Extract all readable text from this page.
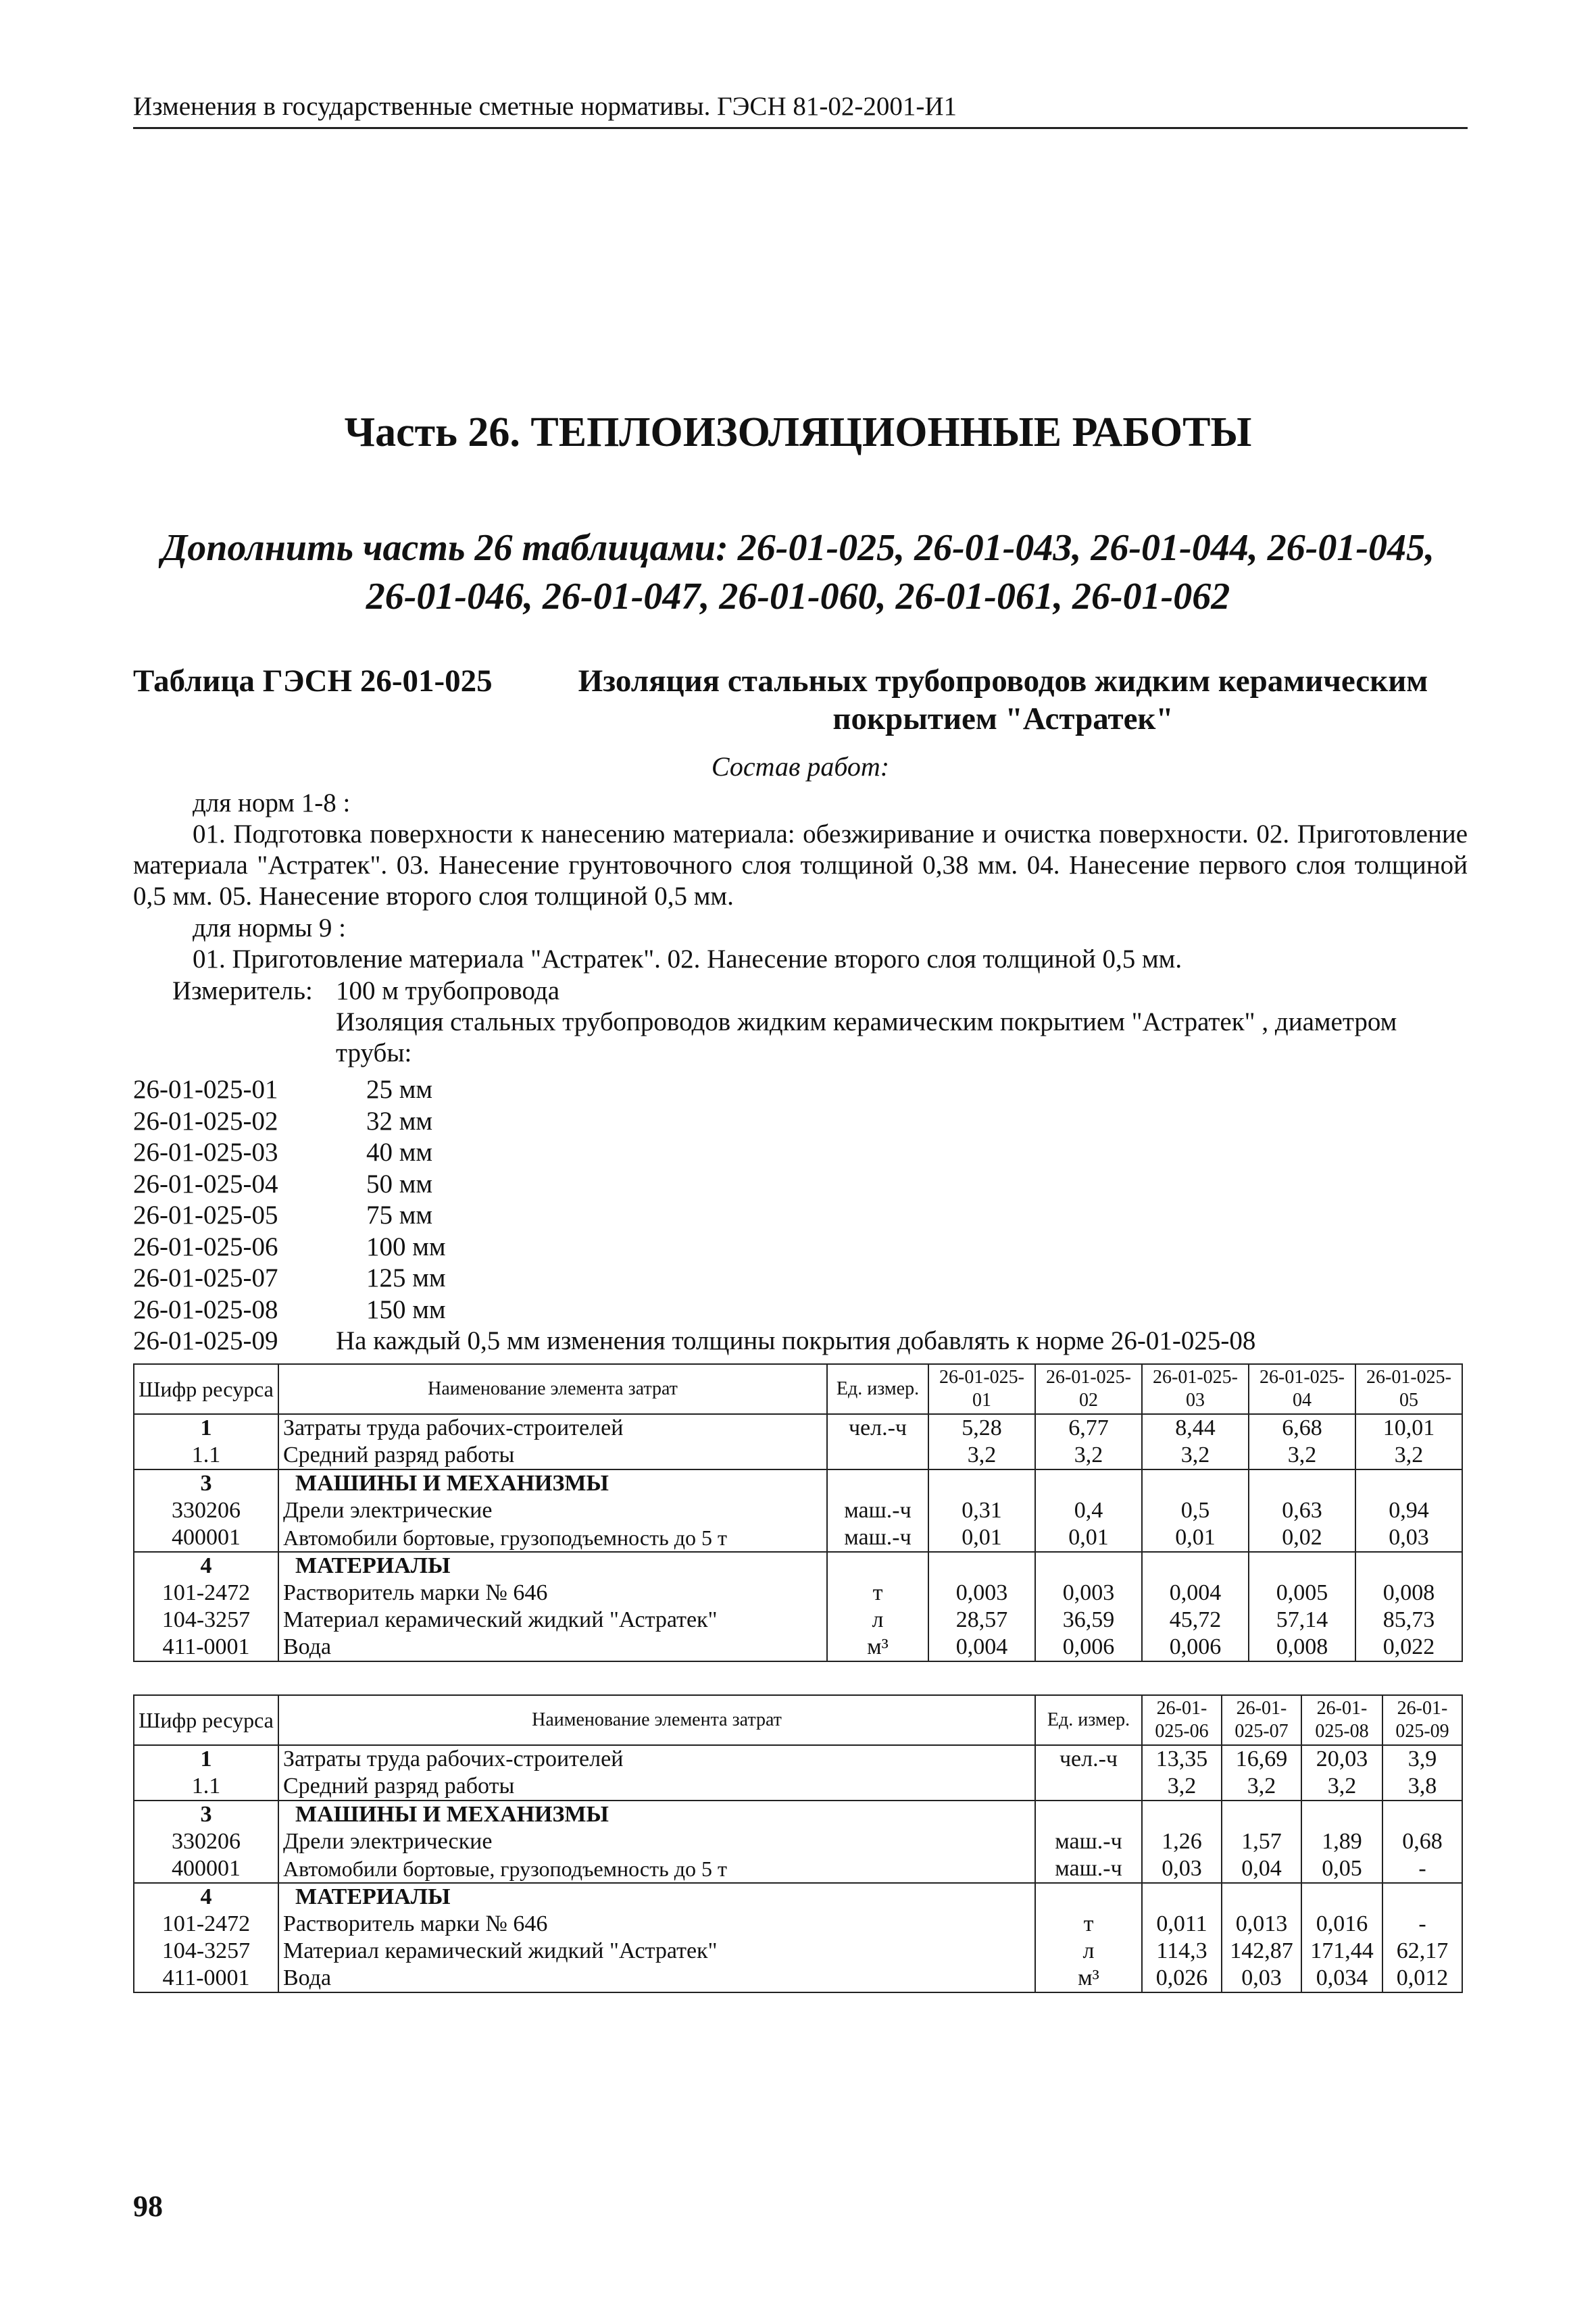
Изменения в государственные сметные нормативы. ГЭСН 81-02-2001-И1
Часть 26. ТЕПЛОИЗОЛЯЦИОННЫЕ РАБОТЫ
Дополнить часть 26 таблицами: 26-01-025, 26-01-043, 26-01-044, 26-01-045,
26-01-046, 26-01-047, 26-01-060, 26-01-061, 26-01-062
Таблица ГЭСН 26-01-025	Изоляция стальных трубопроводов жидким керамическим покрытием "Астратек"
Состав работ:
для норм 1-8 :
01. Подготовка поверхности к нанесению материала: обезжиривание и очистка поверхности. 02. Приготовление материала "Астратек". 03. Нанесение грунтовочного слоя толщиной 0,38 мм. 04. Нанесение первого слоя толщиной 0,5 мм. 05. Нанесение второго слоя толщиной 0,5 мм.
для нормы 9 :
01. Приготовление материала "Астратек". 02. Нанесение второго слоя толщиной 0,5 мм.
Измеритель: 100 м трубопровода
Изоляция стальных трубопроводов жидким керамическим покрытием "Астратек" , диаметром трубы:
26-01-025-01	25 мм
26-01-025-02	32 мм
26-01-025-03	40 мм
26-01-025-04	50 мм
26-01-025-05	75 мм
26-01-025-06	100 мм
26-01-025-07	125 мм
26-01-025-08	150 мм
26-01-025-09 На каждый 0,5 мм изменения толщины покрытия добавлять к норме 26-01-025-08
Шифр ресурса	Наименование элемента затрат	Ед. измер.	26-01-025-01	26-01-025-02	26-01-025-03	26-01-025-04	26-01-025-05
1	Затраты труда рабочих-строителей	чел.-ч	5,28	6,77	8,44	6,68	10,01
1.1	Средний разряд работы		3,2	3,2	3,2	3,2	3,2
3	МАШИНЫ И МЕХАНИЗМЫ						
330206	Дрели электрические	маш.-ч	0,31	0,4	0,5	0,63	0,94
400001	Автомобили бортовые, грузоподъемность до 5 т	маш.-ч	0,01	0,01	0,01	0,02	0,03
4	МАТЕРИАЛЫ						
101-2472	Растворитель марки № 646	т	0,003	0,003	0,004	0,005	0,008
104-3257	Материал керамический жидкий "Астратек"	л	28,57	36,59	45,72	57,14	85,73
411-0001	Вода	м³	0,004	0,006	0,006	0,008	0,022
Шифр ресурса	Наименование элемента затрат	Ед. измер.	26-01-025-06	26-01-025-07	26-01-025-08	26-01-025-09
1	Затраты труда рабочих-строителей	чел.-ч	13,35	16,69	20,03	3,9
1.1	Средний разряд работы		3,2	3,2	3,2	3,8
3	МАШИНЫ И МЕХАНИЗМЫ					
330206	Дрели электрические	маш.-ч	1,26	1,57	1,89	0,68
400001	Автомобили бортовые, грузоподъемность до 5 т	маш.-ч	0,03	0,04	0,05	-
4	МАТЕРИАЛЫ					
101-2472	Растворитель марки № 646	т	0,011	0,013	0,016	-
104-3257	Материал керамический жидкий "Астратек"	л	114,3	142,87	171,44	62,17
411-0001	Вода	м³	0,026	0,03	0,034	0,012
98
